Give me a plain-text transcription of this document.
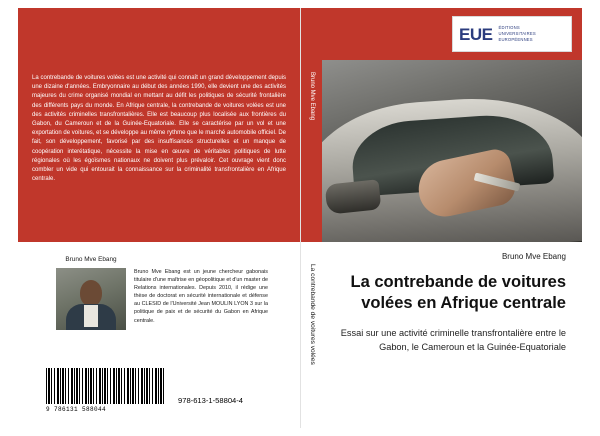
La contrebande de voitures volées est une activité qui connaît un grand développement depuis une dizaine d'années. Embryonnaire au début des années 1990, elle devient une des activités majeures du crime organisé mondial en mettant au défit les politiques de sécurité frontalière des différents pays du monde. En Afrique centrale, la contrebande de voitures volées est une des activités criminelles transfrontalières. Elle est beaucoup plus localisée aux frontières du Gabon, du Cameroun et de la Guinée-Equatoriale. Elle se caractérise par un vol et une exportation de voitures, et se développe au même rythme que le marché automobile officiel. De fait, son développement, favorisé par des insuffisances structurelles et un manque de coopération interétatique, nécessite la mise en œuvre de véritables politiques de lutte régionales où les égoïsmes nationaux ne doivent plus prévaloir. Cet ouvrage vient donc combler un vide qui entourait la connaissance sur la criminalité transfrontalière en Afrique centrale.
Bruno Mve Ebang
Bruno Mve Ebang est un jeune chercheur gabonais titulaire d'une maîtrise en géopolitique et d'un master de Relations internationales. Depuis 2010, il rédige une thèse de doctorat en sécurité internationale et défense au CLESID de l'Université Jean MOULIN LYON 3 sur la politique de paix et de sécurité du Gabon en Afrique centrale.
9 786131 588044
978-613-1-58804-4
Bruno Mve Ebang
La contrebande de voitures volées
EUE ÉDITIONS
UNIVERSITAIRES
EUROPÉENNES
Bruno Mve Ebang
La contrebande de voitures volées en Afrique centrale
Essai sur une activité criminelle transfrontalière entre le Gabon, le Cameroun et la Guinée-Equatoriale
